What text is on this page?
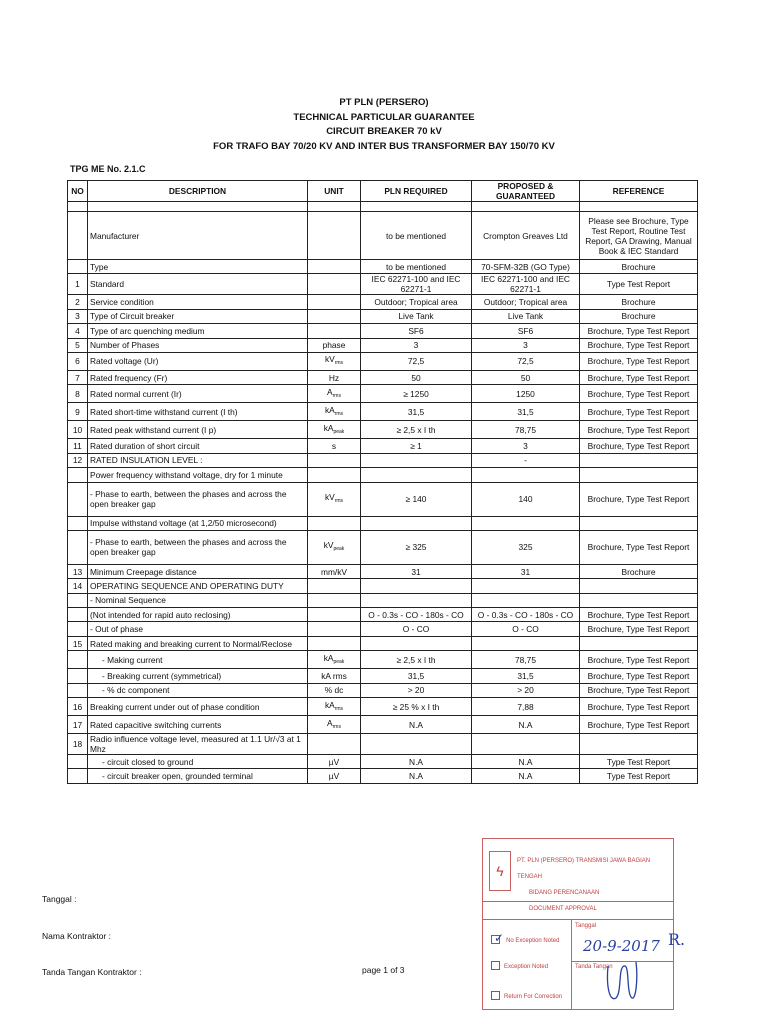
PT PLN (PERSERO)
TECHNICAL PARTICULAR GUARANTEE
CIRCUIT BREAKER 70 kV
FOR TRAFO BAY 70/20 KV AND INTER BUS TRANSFORMER BAY 150/70 KV
TPG ME No. 2.1.C
NO	DESCRIPTION	UNIT	PLN REQUIRED	PROPOSED & GUARANTEED	REFERENCE

	Manufacturer		to be mentioned	Crompton Greaves Ltd	Please see Brochure, Type Test Report, Routine Test Report, GA Drawing, Manual Book & IEC Standard
	Type		to be mentioned	70-SFM-32B (GO Type)	Brochure
1	Standard		IEC 62271-100 and IEC 62271-1	IEC 62271-100 and IEC 62271-1	Type Test Report
2	Service condition		Outdoor; Tropical area	Outdoor; Tropical area	Brochure
3	Type of Circuit breaker		Live Tank	Live Tank	Brochure
4	Type of arc quenching medium		SF6	SF6	Brochure, Type Test Report
5	Number of Phases	phase	3	3	Brochure, Type Test Report
6	Rated voltage (Ur)	$kV_{rms}$	72,5	72,5	Brochure, Type Test Report
7	Rated frequency (Fr)	Hz	50	50	Brochure, Type Test Report
8	Rated normal current (Ir)	$A_{rms}$	≥ 1250	1250	Brochure, Type Test Report
9	Rated short-time withstand current (I th)	$kA_{rms}$	31,5	31,5	Brochure, Type Test Report
10	Rated peak withstand current (I p)	$kA_{peak}$	≥ 2,5 x I th	78,75	Brochure, Type Test Report
11	Rated duration of short circuit	s	≥ 1	3	Brochure, Type Test Report
12	RATED INSULATION LEVEL :			-	
	Power frequency withstand voltage, dry for 1 minute				
	- Phase to earth, between the phases and across the open breaker gap	$kV_{rms}$	≥ 140	140	Brochure, Type Test Report
	Impulse withstand voltage (at 1,2/50 microsecond)				
	- Phase to earth, between the phases and across the open breaker gap	$kV_{peak}$	≥ 325	325	Brochure, Type Test Report
13	Minimum Creepage distance	mm/kV	31	31	Brochure
14	OPERATING SEQUENCE AND OPERATING DUTY				
	- Nominal Sequence				
	(Not intended for rapid auto reclosing)		O - 0.3s - CO - 180s - CO	O - 0.3s - CO - 180s - CO	Brochure, Type Test Report
	- Out of phase		O - CO	O - CO	Brochure, Type Test Report
15	Rated making and breaking current to Normal/Reclose				
	- Making current	$kA_{peak}$	≥ 2,5 x I th	78,75	Brochure, Type Test Report
	- Breaking current (symmetrical)	kA rms	31,5	31,5	Brochure, Type Test Report
	- % dc component	% dc	> 20	> 20	Brochure, Type Test Report
16	Breaking current under out of phase condition	$kA_{rms}$	≥ 25 % x I th	7,88	Brochure, Type Test Report
17	Rated capacitive switching currents	$A_{rms}$	N.A	N.A	Brochure, Type Test Report
18	Radio influence voltage level, measured at 1.1 Ur/√3 at 1 Mhz				
	- circuit closed to ground	µV	N.A	N.A	Type Test Report
	- circuit breaker open, grounded terminal	µV	N.A	N.A	Type Test Report
Tanggal :
Nama Kontraktor :
Tanda Tangan Kontraktor :	page 1 of 3
ϟ
PT. PLN (PERSERO) TRANSMISI JAWA BAGIAN TENGAH
BIDANG PERENCANAAN
DOCUMENT APPROVAL
✓ No Exception Noted
Exception Noted
Return For Correction
Tanggal
Tanda Tangan
20-9-2017 R.
